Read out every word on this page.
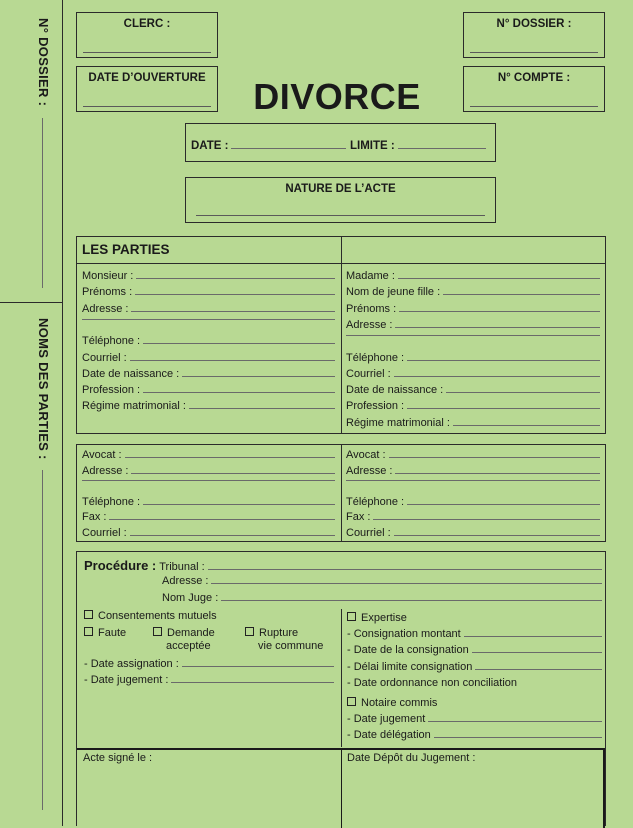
N° DOSSIER :
NOMS DES PARTIES :
CLERC :	N° DOSSIER :
DATE D’OUVERTURE	N° COMPTE :
DIVORCE
DATE :	LIMITE :
NATURE DE L’ACTE
LES PARTIES
Monsieur :
Prénoms :
Adresse :
Téléphone :
Courriel :
Date de naissance :
Profession :
Régime matrimonial :
Madame :
Nom de jeune fille :
Prénoms :
Adresse :
Téléphone :
Courriel :
Date de naissance :
Profession :
Régime matrimonial :
Avocat :
Adresse :
Téléphone :
Fax :
Courriel :
Avocat :
Adresse :
Téléphone :
Fax :
Courriel :
Procédure : Tribunal :
Adresse :
Nom Juge :
Consentements mutuels
Faute	Demande
acceptée
Rupture
vie commune
- Date assignation :
- Date jugement :
Expertise
- Consignation montant
- Date de la consignation
- Délai limite consignation
- Date ordonnance non conciliation
Notaire commis
- Date jugement
- Date délégation
Acte signé le :	Date Dépôt du Jugement :
